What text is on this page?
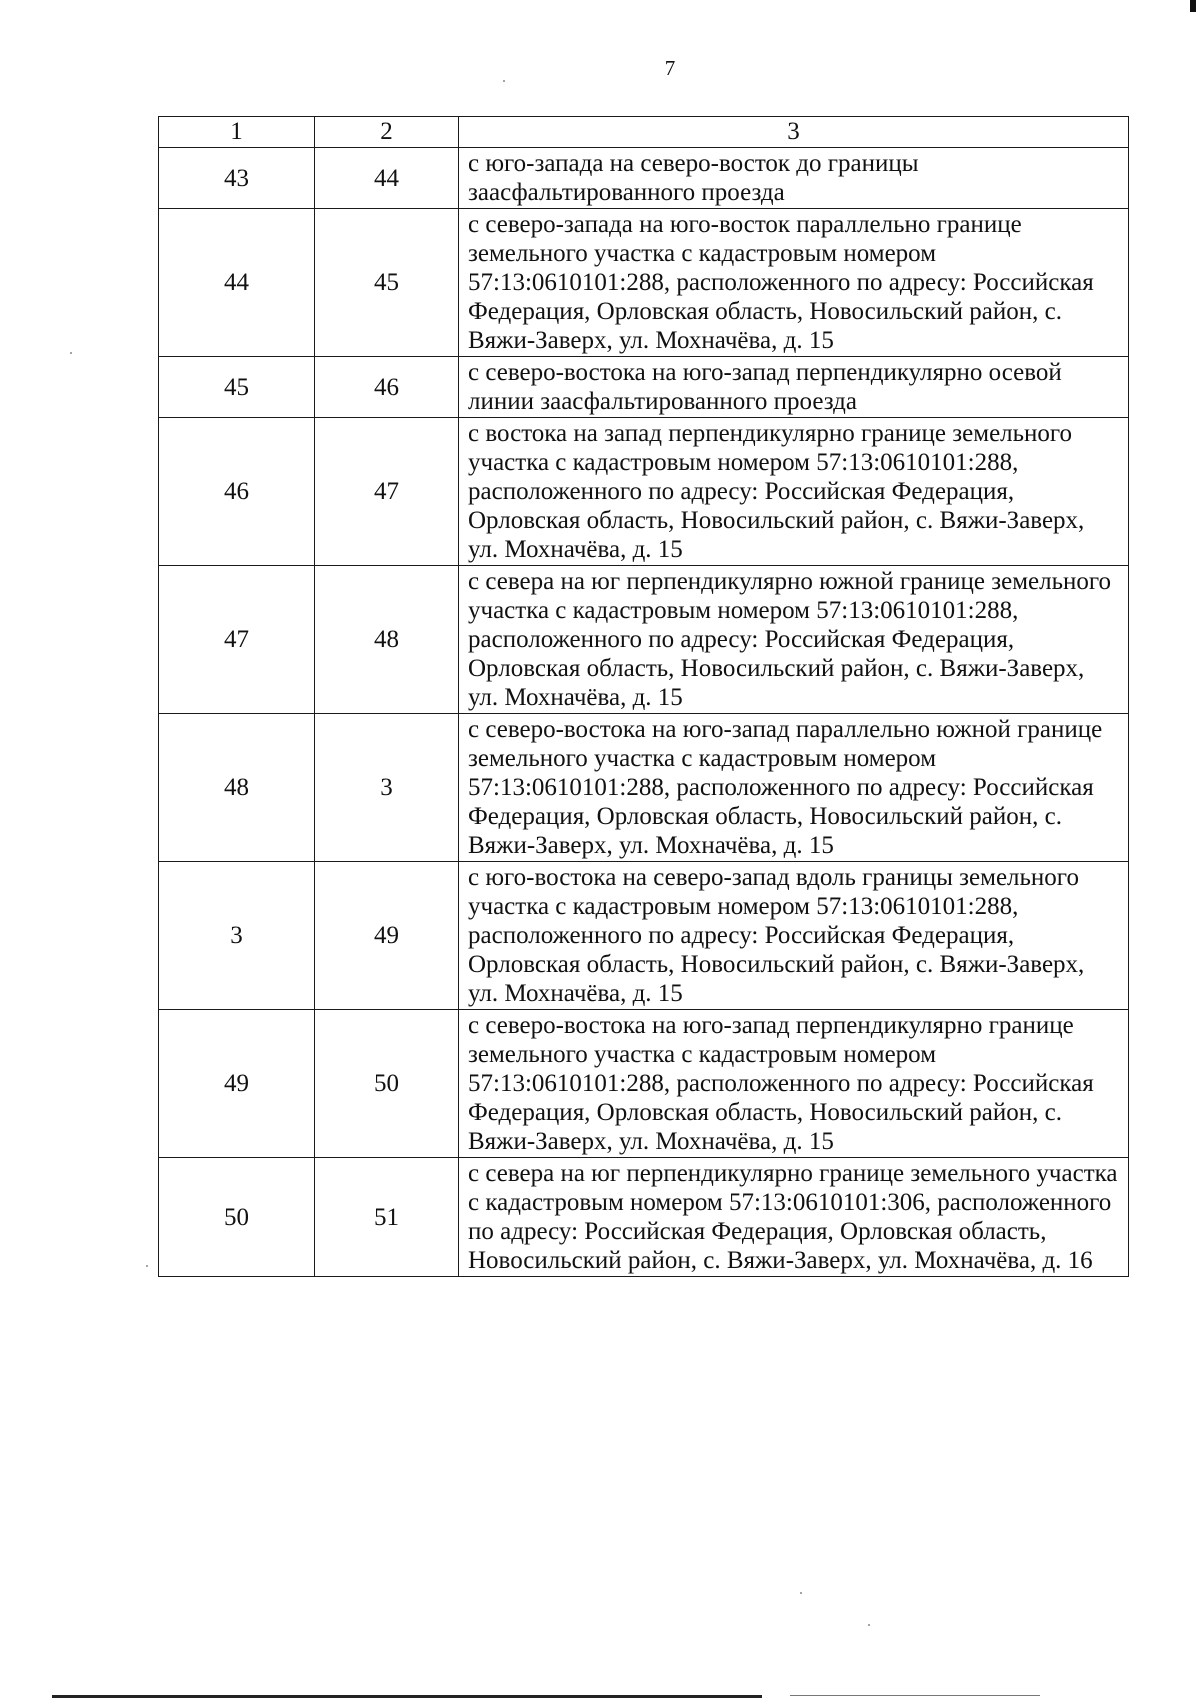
7
1	2	3
43	44	с юго-запада на северо-восток до границы заасфальтированного проезда
44	45	с северо-запада на юго-восток параллельно границе земельного участка с кадастровым номером 57:13:0610101:288, расположенного по адресу: Российская Федерация, Орловская область, Новосильский район, с. Вяжи-Заверх, ул. Мохначёва, д. 15
45	46	с северо-востока на юго-запад перпендикулярно осевой линии заасфальтированного проезда
46	47	с востока на запад перпендикулярно границе земельного участка с кадастровым номером 57:13:0610101:288, расположенного по адресу: Российская Федерация, Орловская область, Новосильский район, с. Вяжи-Заверх, ул. Мохначёва, д. 15
47	48	с севера на юг перпендикулярно южной границе земельного участка с кадастровым номером 57:13:0610101:288, расположенного по адресу: Российская Федерация, Орловская область, Новосильский район, с. Вяжи-Заверх, ул. Мохначёва, д. 15
48	3	с северо-востока на юго-запад параллельно южной границе земельного участка с кадастровым номером 57:13:0610101:288, расположенного по адресу: Российская Федерация, Орловская область, Новосильский район, с. Вяжи-Заверх, ул. Мохначёва, д. 15
3	49	с юго-востока на северо-запад вдоль границы земельного участка с кадастровым номером 57:13:0610101:288, расположенного по адресу: Российская Федерация, Орловская область, Новосильский район, с. Вяжи-Заверх, ул. Мохначёва, д. 15
49	50	с северо-востока на юго-запад перпендикулярно границе земельного участка с кадастровым номером 57:13:0610101:288, расположенного по адресу: Российская Федерация, Орловская область, Новосильский район, с. Вяжи-Заверх, ул. Мохначёва, д. 15
50	51	с севера на юг перпендикулярно границе земельного участка с кадастровым номером 57:13:0610101:306, расположенного по адресу: Российская Федерация, Орловская область, Новосильский район, с. Вяжи-Заверх, ул. Мохначёва, д. 16
